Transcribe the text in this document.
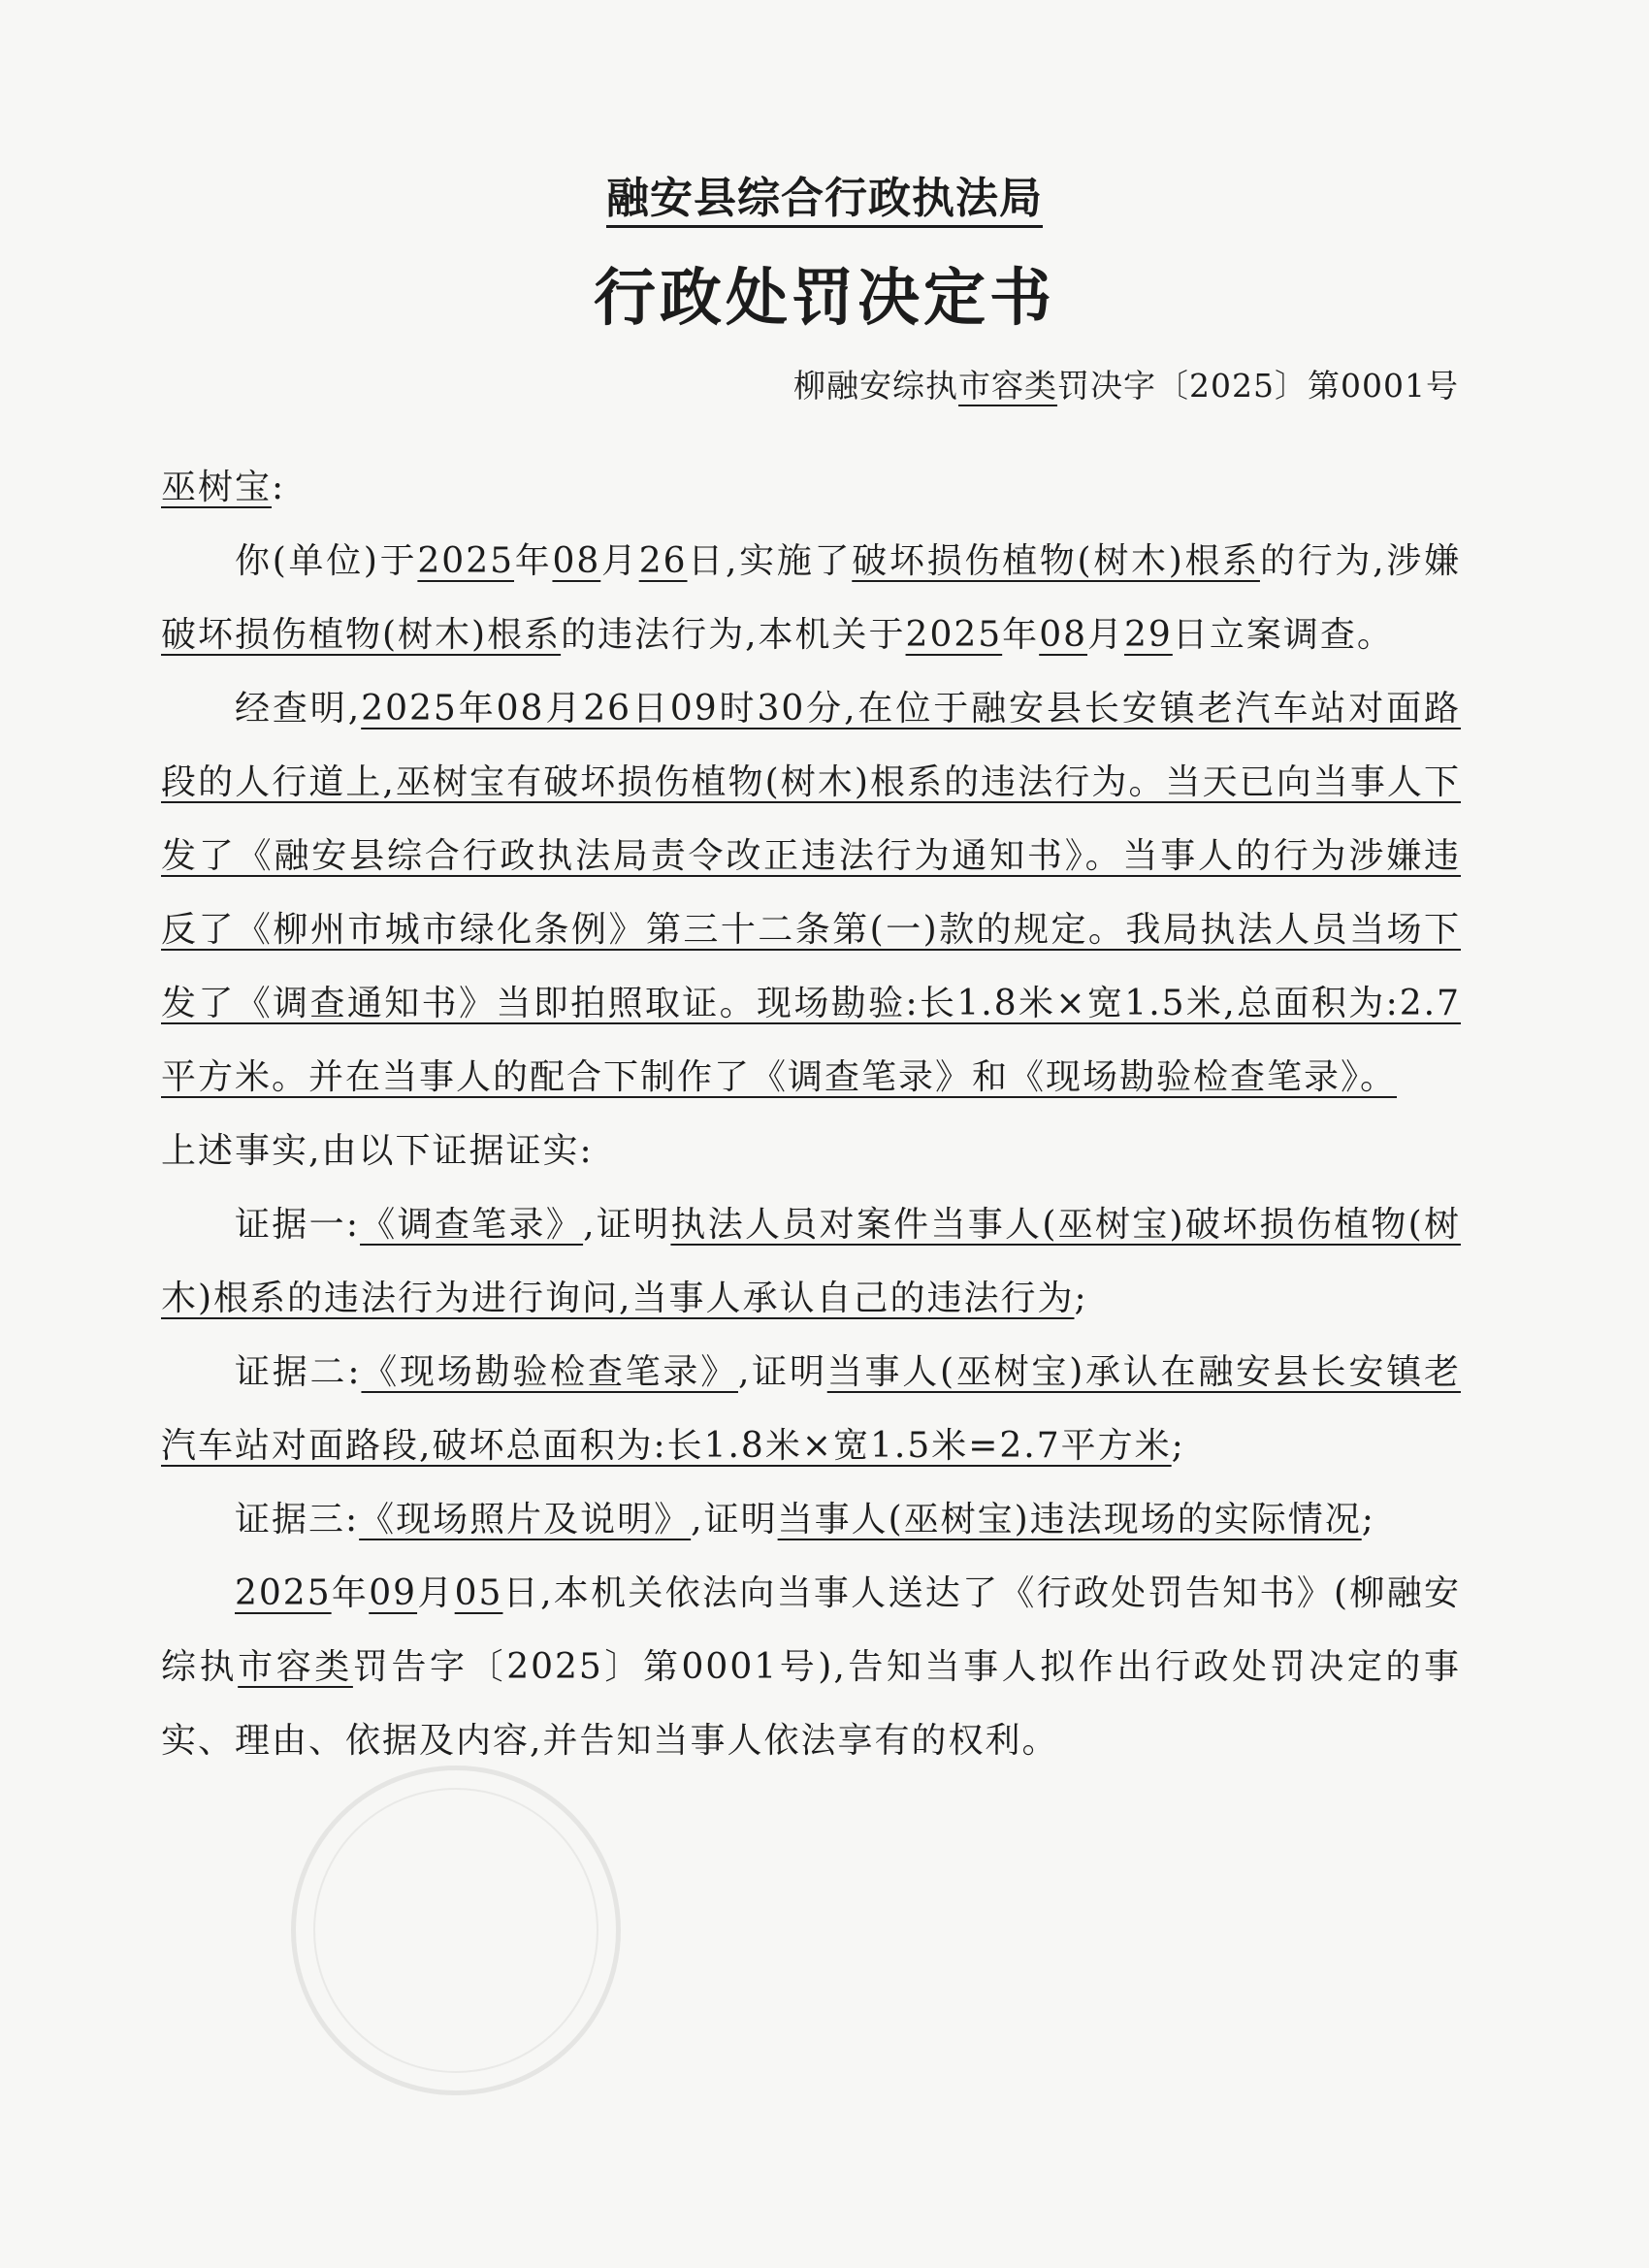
融安县综合行政执法局
行政处罚决定书
柳融安综执市容类罚决字〔2025〕第0001号

巫树宝:

你(单位)于2025年08月26日,实施了破坏损伤植物(树木)根系的行为,涉嫌破坏损伤植物(树木)根系的违法行为,本机关于2025年08月29日立案调查。

经查明,2025年08月26日09时30分,在位于融安县长安镇老汽车站对面路段的人行道上,巫树宝有破坏损伤植物(树木)根系的违法行为。当天已向当事人下发了《融安县综合行政执法局责令改正违法行为通知书》。当事人的行为涉嫌违反了《柳州市城市绿化条例》第三十二条第(一)款的规定。我局执法人员当场下发了《调查通知书》当即拍照取证。现场勘验:长1.8米×宽1.5米,总面积为:2.7平方米。并在当事人的配合下制作了《调查笔录》和《现场勘验检查笔录》。

上述事实,由以下证据证实:

证据一:《调查笔录》,证明执法人员对案件当事人(巫树宝)破坏损伤植物(树木)根系的违法行为进行询问,当事人承认自己的违法行为;

证据二:《现场勘验检查笔录》,证明当事人(巫树宝)承认在融安县长安镇老汽车站对面路段,破坏总面积为:长1.8米×宽1.5米=2.7平方米;

证据三:《现场照片及说明》,证明当事人(巫树宝)违法现场的实际情况;

2025年09月05日,本机关依法向当事人送达了《行政处罚告知书》(柳融安综执市容类罚告字〔2025〕第0001号),告知当事人拟作出行政处罚决定的事实、理由、依据及内容,并告知当事人依法享有的权利。
